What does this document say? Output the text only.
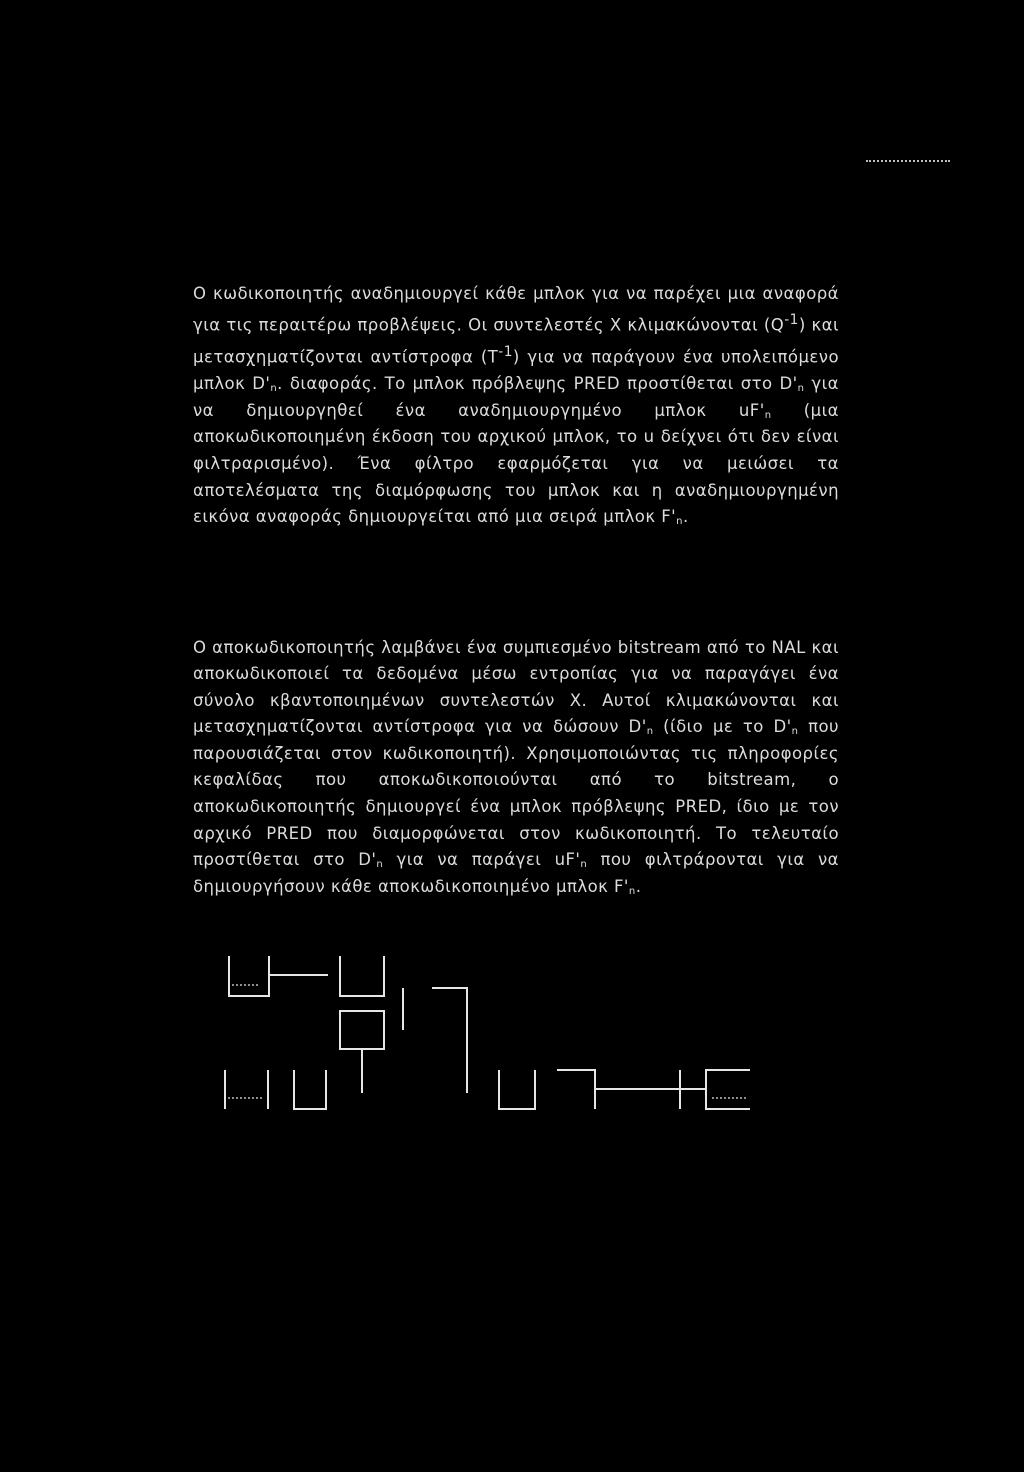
Ο κωδικοποιητής αναδημιουργεί κάθε μπλοκ για να παρέχει μια αναφορά για τις περαιτέρω προβλέψεις. Οι συντελεστές X κλιμακώνονται $(Q^{-1})$ και μετασχηματίζονται αντίστροφα $(T^{-1})$ για να παράγουν ένα υπολειπόμενο μπλοκ $D'_n$. διαφοράς. Το μπλοκ πρόβλεψης PRED προστίθεται στο $D'_n$ για να δημιουργηθεί ένα αναδημιουργημένο μπλοκ $uF'_n$ (μια αποκωδικοποιημένη έκδοση του αρχικού μπλοκ, το u δείχνει ότι δεν είναι φιλτραρισμένο). Ένα φίλτρο εφαρμόζεται για να μειώσει τα αποτελέσματα της διαμόρφωσης του μπλοκ και η αναδημιουργημένη εικόνα αναφοράς δημιουργείται από μια σειρά μπλοκ $F'_n$.

Ο αποκωδικοποιητής λαμβάνει ένα συμπιεσμένο bitstream από το NAL και αποκωδικοποιεί τα δεδομένα μέσω εντροπίας για να παραγάγει ένα σύνολο κβαντοποιημένων συντελεστών X. Αυτοί κλιμακώνονται και μετασχηματίζονται αντίστροφα για να δώσουν $D'_n$ (ίδιο με το $D'_n$ που παρουσιάζεται στον κωδικοποιητή). Χρησιμοποιώντας τις πληροφορίες κεφαλίδας που αποκωδικοποιούνται από το bitstream, ο αποκωδικοποιητής δημιουργεί ένα μπλοκ πρόβλεψης PRED, ίδιο με τον αρχικό PRED που διαμορφώνεται στον κωδικοποιητή. Το τελευταίο προστίθεται στο $D'_n$ για να παράγει $uF'_n$ που φιλτράρονται για να δημιουργήσουν κάθε αποκωδικοποιημένο μπλοκ $F'_n$.
